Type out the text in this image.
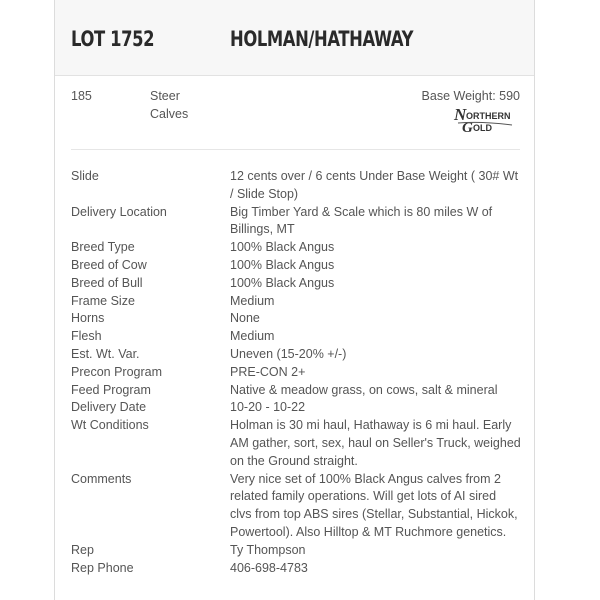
LOT 1752	HOLMAN/HATHAWAY
185	Steer
Calves
Base Weight: 590
N ORTHERN
G OLD
Slide	12 cents over / 6 cents Under Base Weight ( 30# Wt / Slide Stop)
Delivery Location	Big Timber Yard & Scale which is 80 miles W of Billings, MT
Breed Type	100% Black Angus
Breed of Cow	100% Black Angus
Breed of Bull	100% Black Angus
Frame Size	Medium
Horns	None
Flesh	Medium
Est. Wt. Var.	Uneven (15-20% +/-)
Precon Program	PRE-CON 2+
Feed Program	Native & meadow grass, on cows, salt & mineral
Delivery Date	10-20 - 10-22
Wt Conditions	Holman is 30 mi haul, Hathaway is 6 mi haul. Early AM gather, sort, sex, haul on Seller's Truck, weighed on the Ground straight.
Comments	Very nice set of 100% Black Angus calves from 2 related family operations. Will get lots of AI sired clvs from top ABS sires (Stellar, Substantial, Hickok, Powertool). Also Hilltop & MT Ruchmore genetics.
Rep	Ty Thompson
Rep Phone	406-698-4783
